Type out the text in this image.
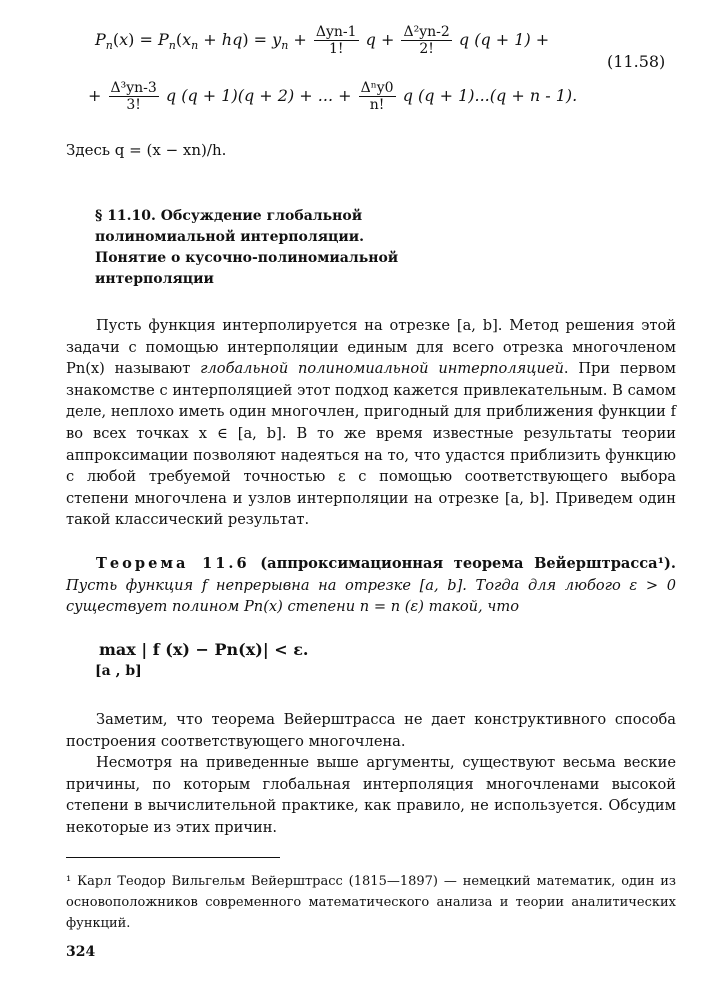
$P_n(x) = P_n(x_n + hq) = y_n + \frac{\text{Δyn-1}}{1!}$ $q + \frac{\text{Δ²yn-2}}{2!}$ q (q + 1) +
(11.58)
+ $\frac{\text{Δ³yn-3}}{3!}$ q (q + 1)(q + 2) + ... + $\frac{\text{Δⁿy0}}{n!}$ q (q + 1)...(q + n - 1).
Здесь q = (x − xn)/h.
§ 11.10. Обсуждение глобальной
полиномиальной интерполяции.
Понятие о кусочно-полиномиальной
интерполяции
Пусть функция интерполируется на отрезке [a, b]. Метод решения этой задачи с помощью интерполяции единым для всего отрезка многочленом Pn(x) называют глобальной полиномиальной интерполяцией. При первом знакомстве с интерполяцией этот подход кажется привлекательным. В самом деле, неплохо иметь один многочлен, пригодный для приближения функции f во всех точках x ∈ [a, b]. В то же время известные результаты теории аппроксимации позволяют надеяться на то, что удастся приблизить функцию с любой требуемой точностью ε с помощью соответствующего выбора степени многочлена и узлов интерполяции на отрезке [a, b]. Приведем один такой классический результат.
Теорема 11.6 (аппроксимационная теорема Вейерштрасса¹). Пусть функция f непрерывна на отрезке [a, b]. Тогда для любого ε > 0 существует полином Pn(x) степени n = n (ε) такой, что
max | f (x) − Pn(x)| < ε.
[a , b]
Заметим, что теорема Вейерштрасса не дает конструктивного способа построения соответствующего многочлена.
Несмотря на приведенные выше аргументы, существуют весьма веские причины, по которым глобальная интерполяция многочленами высокой степени в вычислительной практике, как правило, не используется. Обсудим некоторые из этих причин.
¹ Карл Теодор Вильгельм Вейерштрасс (1815—1897) — немецкий математик, один из основоположников современного математического анализа и теории аналитических функций.
324
